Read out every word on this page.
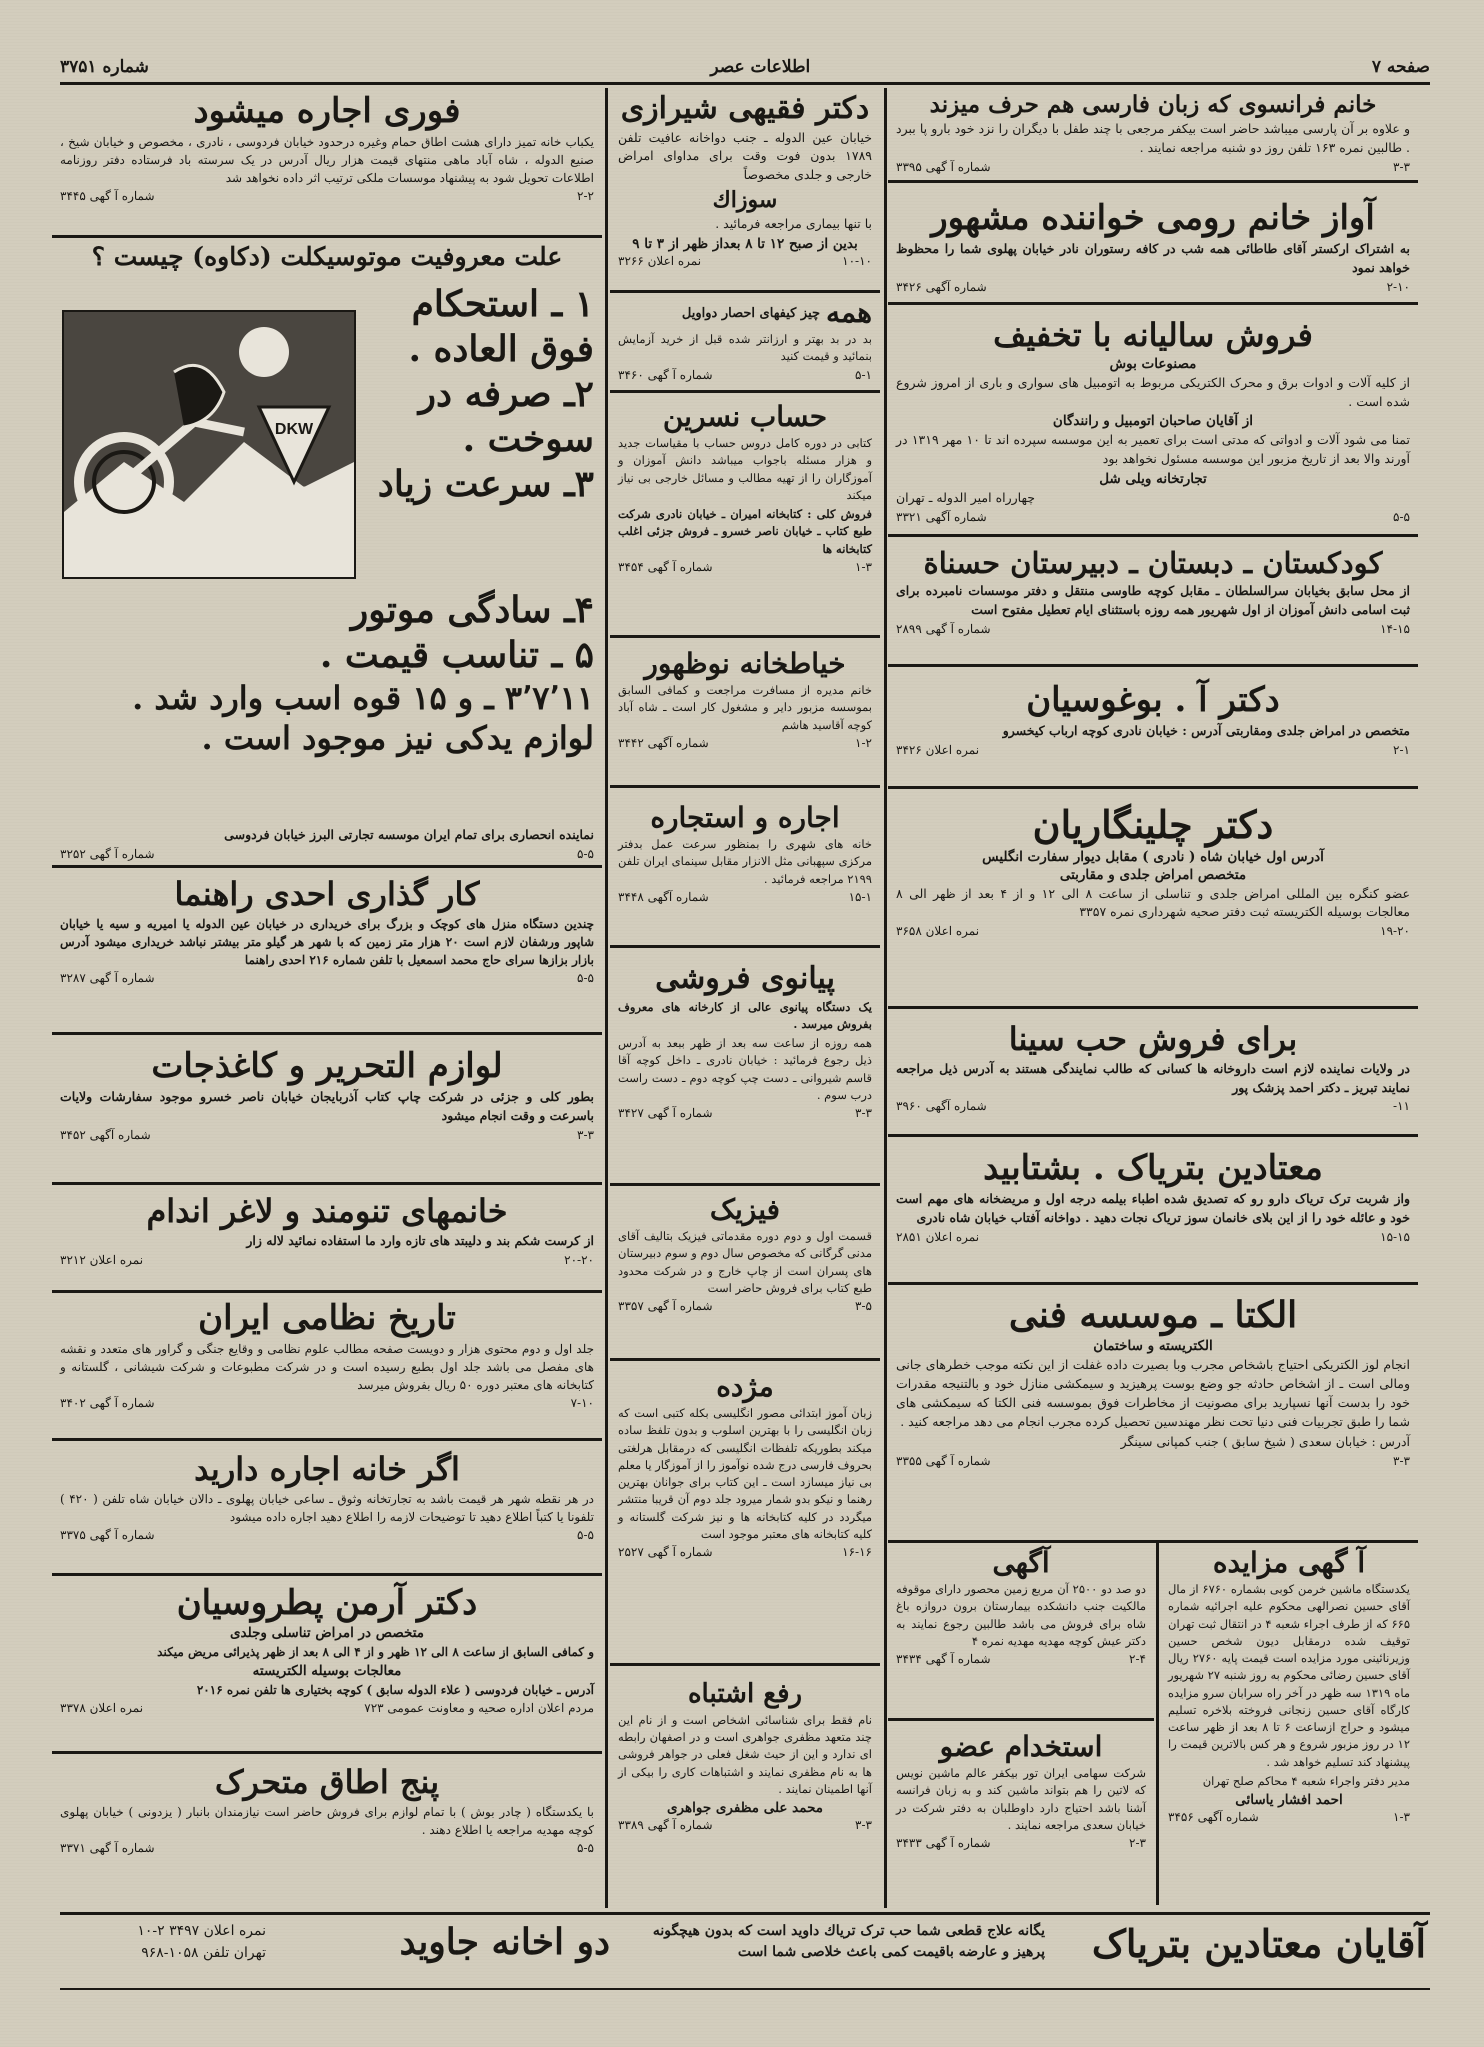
صفحه ۷
اطلاعات عصر
شماره ۳۷۵۱
خانم فرانسوی که زبان فارسی هم حرف میزند

و علاوه بر آن پارسی میباشد حاضر است بیکفر مرجعی با چند طفل با دیگران را نزد خود بارو پا ببرد . طالبین نمره ۱۶۳ تلفن روز دو شنبه مراجعه نمایند .

۳-۳
شماره آ گهی ۳۳۹۵
آواز خانم رومی خواننده مشهور

به اشتراک ارکستر آقای طاطائی همه شب در کافه رستوران نادر خیابان پهلوی شما را محظوظ خواهد نمود

۲-۱۰
شماره آگهی ۳۴۲۶
فروش سالیانه با تخفیف
مصنوعات بوش

از کلیه آلات و ادوات برق و محرک الکتریکی مربوط به اتومبیل های سواری و باری از امروز شروع شده است .

از آقایان صاحبان اتومبیل و رانندگان

تمنا می شود آلات و ادواتی که مدتی است برای تعمیر به این موسسه سپرده اند تا ۱۰ مهر ۱۳۱۹ در آورند والا بعد از تاریخ مزبور این موسسه مسئول نخواهد بود

تجارتخانه ویلی شل

چهارراه امیر الدوله ـ تهران

۵-۵
شماره آگهی ۳۳۲۱
کودکستان ـ دبستان ـ دبیرستان حسناة

از محل سابق بخیابان سرالسلطان ـ مقابل کوچه طاوسی منتقل و دفتر موسسات نامبرده برای ثبت اسامی دانش آموزان از اول شهریور همه روزه باستثنای ایام تعطیل مفتوح است

۱۴-۱۵
شماره آ گهی ۲۸۹۹
دکتر آ . بوغوسیان

متخصص در امراض جلدی ومقاربتی آدرس : خیابان نادری کوچه ارباب کیخسرو

۲-۱
نمره اعلان ۳۴۲۶
دکتر چلینگاریان
آدرس اول خیابان شاه ( نادری ) مقابل دیوار سفارت انگلیس
متخصص امراض جلدی و مقاربتی

عضو کنگره بین المللی امراض جلدی و تناسلی از ساعت ۸ الی ۱۲ و از ۴ بعد از ظهر الی ۸ معالجات بوسیله الکتریسته ثبت دفتر صحیه شهرداری نمره ۳۳۵۷

۱۹-۲۰
نمره اعلان ۳۶۵۸
برای فروش حب سینا

در ولایات نماینده لازم است داروخانه ها کسانی که طالب نمایندگی هستند به آدرس ذیل مراجعه نمایند تبریز ـ دکتر احمد پزشک پور

۱۱-
شماره آگهی ۳۹۶۰
معتادین بتریاک . بشتابید

واز شربت ترک تریاک دارو رو که تصدیق شده اطباء بیلمه درجه اول و مریضخانه های مهم است خود و عائله خود را از این بلای خانمان سوز تریاک نجات دهید . دواخانه آفتاب خیابان شاه نادری

۱۵-۱۵
نمره اعلان ۲۸۵۱
الکتا ـ موسسه فنی
الکتریسته و ساختمان

انجام لوز الکتریکی احتیاج باشخاص مجرب وبا بصیرت داده غفلت از این نکته موجب خطرهای جانی ومالی است ـ از اشخاص حادثه جو وضع بوست پرهیزید و سیمکشی منازل خود و بالتنیجه مقدرات خود را بدست آنها نسپارید برای مصونیت از مخاطرات فوق بموسسه فنی الکتا که سیمکشی های شما را طبق تجربیات فنی دنیا تحت نظر مهندسین تحصیل کرده مجرب انجام می دهد مراجعه کنید .

آدرس : خیابان سعدی ( شیخ سابق ) جنب کمپانی سینگر

۳-۳
شماره آ گهی ۳۳۵۵
آ گهی مزایده

یکدستگاه ماشین خرمن کوبی بشماره ۶۷۶۰ از مال آقای حسین نصرالهی محکوم علیه اجرائیه شماره ۶۶۵ که از طرف اجراء شعبه ۴ در انتقال ثبت تهران توقیف شده درمقابل دیون شخص حسین وزیرنائینی مورد مزایده است قیمت پایه ۲۷۶۰ ریال آقای حسین رضائی محکوم به روز شنبه ۲۷ شهریور ماه ۱۳۱۹ سه ظهر در آخر راه سرابان سرو مزایده کارگاه آقای حسین زنجانی فروخته بلاخره تسلیم میشود و حراج ازساعت ۶ تا ۸ بعد از ظهر ساعت ۱۲ در روز مزبور شروع و هر کس بالاترین قیمت را پیشنهاد کند تسلیم خواهد شد .

مدیر دفتر واجراء شعبه ۴ محاکم صلح تهران

احمد افشار یاسائی
۱-۳
شماره آگهی ۳۴۵۶
آگهی

دو صد دو ۲۵۰۰ آن مربع زمین محصور دارای موقوفه مالکیت جنب دانشکده بیمارستان برون دروازه باغ شاه برای فروش می باشد طالبین رجوع نمایند به دکتر عیش کوچه مهدیه مهدیه نمره ۴

۲-۴
شماره آ گهی ۳۴۳۴
استخدام عضو

شرکت سهامی ایران تور بیکفر عالم ماشین نویس که لاتین را هم بتواند ماشین کند و به زبان فرانسه آشنا باشد احتیاج دارد داوطلبان به دفتر شرکت در خیابان سعدی مراجعه نمایند .

۲-۳
شماره آ گهی ۳۴۳۳
دکتر فقیهی شیرازی

خیابان عین الدوله ـ جنب دواخانه عافیت تلفن ۱۷۸۹ بدون فوت وقت برای مداوای امراض خارجی و جلدی مخصوصاً

سوزاك

با تنها بیماری مراجعه فرمائید .

بدین از صبح ۱۲ تا ۸ بعداز ظهر از ۳ تا ۹
۱۰-۱۰
نمره اعلان ۳۲۶۶
همه
چیز کیفهای احصار دواویل

بد در بد بهتر و ارزانتر شده قبل از خرید آزمایش بنمائید و قیمت کنید

۵-۱
شماره آ گهی ۳۴۶۰
حساب نسرین

کتابی در دوره کامل دروس حساب با مقیاسات جدید و هزار مسئله باجواب میباشد دانش آموزان و آموزگاران را از تهیه مطالب و مسائل خارجی بی نیاز میکند

فروش کلی : کتابخانه امیران ـ خیابان نادری شرکت طبع کتاب ـ خیابان ناصر خسرو ـ فروش جزئی اغلب کتابخانه ها

۱-۳
شماره آ گهی ۳۴۵۴
خیاطخانه نوظهور

خانم مدیره از مسافرت مراجعت و کمافی السابق بموسسه مزبور دایر و مشغول کار است ـ شاه آباد کوچه آقاسید هاشم

۱-۲
شماره آگهی ۳۴۴۲
اجاره و استجاره

خانه های شهری را بمنظور سرعت عمل بدفتر مرکزی سپهبانی مثل الانزار مقابل سینمای ایران تلفن ۲۱۹۹ مراجعه فرمائید .

۱۵-۱
شماره آگهی ۳۴۴۸
پیانوی فروشی

یک دستگاه پیانوی عالی از کارخانه های معروف بفروش میرسد .

همه روزه از ساعت سه بعد از ظهر ببعد به آدرس ذیل رجوع فرمائید : خیابان نادری ـ داخل کوچه آقا قاسم شیروانی ـ دست چپ کوچه دوم ـ دست راست درب سوم .

۳-۳
شماره آ گهی ۳۴۲۷
فیزیک

قسمت اول و دوم دوره مقدماتی فیزیک بتالیف آقای مدنی گرگانی که مخصوص سال دوم و سوم دبیرستان های پسران است از چاپ خارج و در شرکت محدود طبع کتاب برای فروش حاضر است

۳-۵
شماره آ گهی ۳۳۵۷
مژده

زبان آموز ابتدائی مصور انگلیسی بکله کتبی است که زبان انگلیسی را با بهترین اسلوب و بدون تلفظ ساده میکند بطوریکه تلفظات انگلیسی که درمقابل هرلغتی بحروف فارسی درج شده نوآموز را از آموزگار یا معلم بی نیاز میسازد است ـ این کتاب برای جوانان بهترین رهنما و نیکو بدو شمار میرود جلد دوم آن قریبا منتشر میگردد در کلیه کتابخانه ها و نیز شرکت گلستانه و کلیه کتابخانه های معتبر موجود است

۱۶-۱۶
شماره آ گهی ۲۵۲۷
رفع اشتباه

نام فقط برای شناسائی اشخاص است و از نام این چند متعهد مظفری جواهری است و در اصفهان رابطه ای ندارد و این از حیث شغل فعلی در جواهر فروشی ها به نام مظفری نمایند و اشتباهات کاری را بیکی از آنها اطمینان نمایند .

محمد علی مظفری جواهری
۳-۳
شماره آ گهی ۳۳۸۹
فوری اجاره میشود

یکباب خانه تمیز دارای هشت اطاق حمام وغیره درحدود خیابان فردوسی ، نادری ، مخصوص و خیابان شیخ ، صنیع الدوله ، شاه آباد ماهی منتهای قیمت هزار ریال آدرس در یک سرسته باد فرستاده دفتر روزنامه اطلاعات تحویل شود به پیشنهاد موسسات ملکی ترتیب اثر داده نخواهد شد

۲-۲
شماره آ گهی ۳۴۴۵
علت معروفیت موتوسیکلت (دکاوه) چیست ؟
DKW
۱ ـ استحکام فوق العاده .
۲ـ صرفه در سوخت .
۳ـ سرعت زیاد
۴ـ سادگی موتور
۵ ـ تناسب قیمت .
۳٬۷٬۱۱ ـ و ۱۵ قوه اسب وارد شد .
لوازم یدکی نیز موجود است .

نماینده انحصاری برای تمام ایران موسسه تجارتی البرز خیابان فردوسی

۵-۵
شماره آ گهی ۳۲۵۲
کار گذاری احدی راهنما

چندین دستگاه منزل های کوچک و بزرگ برای خریداری در خیابان عین الدوله یا امیریه و سیه یا خیابان شاپور ورشفان لازم است ۲۰ هزار متر زمین که با شهر هر گیلو متر بیشتر نباشد خریداری میشود آدرس بازار بزازها سرای حاج محمد اسمعیل با تلفن شماره ۲۱۶ احدی راهنما

۵-۵
شماره آ گهی ۳۲۸۷
لوازم التحریر و کاغذجات

بطور کلی و جزئی در شرکت چاپ کتاب آذربایجان خیابان ناصر خسرو موجود سفارشات ولایات باسرعت و وقت انجام میشود

۳-۳
شماره آگهی ۳۴۵۲
خانمهای تنومند و لاغر اندام

از کرست شکم بند و دلیبتد های تازه وارد ما استفاده نمائید لاله زار

۲۰-۲۰
نمره اعلان ۳۲۱۲
تاریخ نظامی ایران

جلد اول و دوم محتوی هزار و دویست صفحه مطالب علوم نظامی و وقایع جنگی و گراور های متعدد و نقشه های مفصل می باشد جلد اول بطبع رسیده است و در شرکت مطبوعات و شرکت شیشانی ، گلستانه و کتابخانه های معتبر دوره ۵۰ ریال بفروش میرسد

۷-۱۰
شماره آ گهی ۳۴۰۲
اگر خانه اجاره دارید

در هر نقطه شهر هر قیمت باشد به تجارتخانه وثوق ـ ساعی خیابان پهلوی ـ دالان خیابان شاه تلفن ( ۴۲۰ ) تلفونا یا کتباً اطلاع دهید تا توضیحات لازمه را اطلاع دهید اجاره داده میشود

۵-۵
شماره آ گهی ۳۳۷۵
دکتر آرمن پطروسیان
متخصص در امراض تناسلی وجلدی

و کمافی السابق از ساعت ۸ الی ۱۲ ظهر و از ۴ الی ۸ بعد از ظهر پذیرائی مریض میکند

معالجات بوسیله الکتریسته

آدرس ـ خیابان فردوسی ( علاء الدوله سابق ) کوچه بختیاری ها تلفن نمره ۲۰۱۶

مردم اعلان اداره صحیه و معاونت عمومی ۷۲۳
نمره اعلان ۳۳۷۸
پنج اطاق متحرک

با یکدستگاه ( چادر بوش ) با تمام لوازم برای فروش حاضر است نیازمندان بانبار ( یزدونی ) خیابان پهلوی کوچه مهدیه مراجعه یا اطلاع دهند .

۵-۵
شماره آ گهی ۳۳۷۱
آقایان معتادین بتریاک
یگانه علاج قطعی شما حب ترک تریاك داوید است که بدون هیچگونه پرهیز و عارضه باقیمت کمی باعث خلاصی شما است
دو اخانه جاوید
نمره اعلان ۳۴۹۷ ۲-۱۰
تهران تلفن ۱۰۵۸-۹۶۸
